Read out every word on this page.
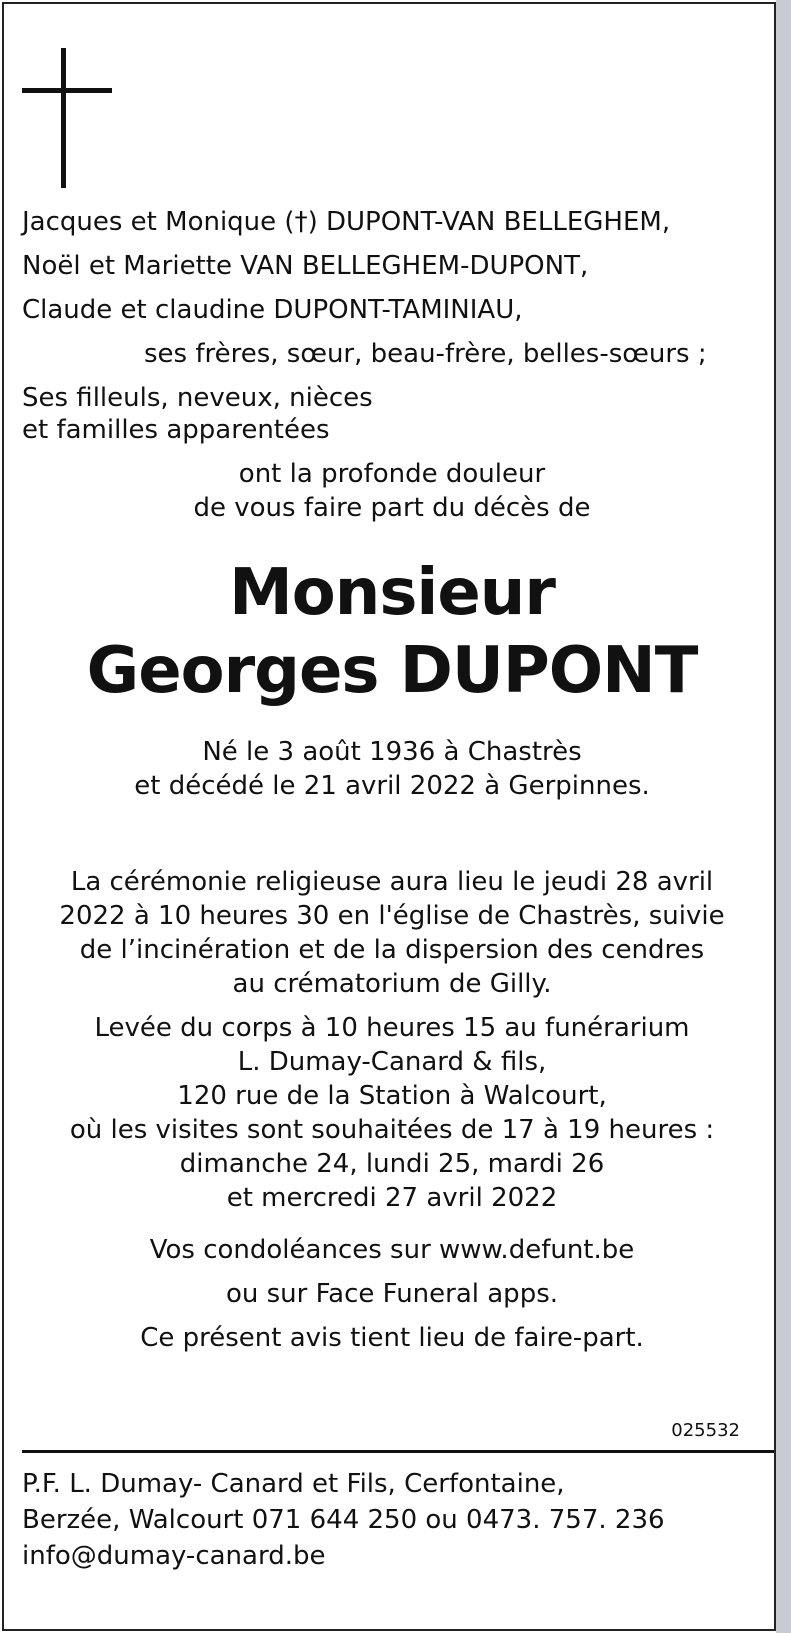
Jacques et Monique (†) DUPONT-VAN BELLEGHEM,
Noël et Mariette VAN BELLEGHEM-DUPONT,
Claude et claudine DUPONT-TAMINIAU,
ses frères, sœur, beau-frère, belles-sœurs ;
Ses filleuls, neveux, nièces
et familles apparentées
ont la profonde douleur
de vous faire part du décès de
Monsieur
Georges DUPONT
Né le 3 août 1936 à Chastrès
et décédé le 21 avril 2022 à Gerpinnes.
La cérémonie religieuse aura lieu le jeudi 28 avril
2022 à 10 heures 30 en l'église de Chastrès, suivie
de l’incinération et de la dispersion des cendres
au crématorium de Gilly.
Levée du corps à 10 heures 15 au funérarium
L. Dumay-Canard & fils,
120 rue de la Station à Walcourt,
où les visites sont souhaitées de 17 à 19 heures :
dimanche 24, lundi 25, mardi 26
et mercredi 27 avril 2022
Vos condoléances sur www.defunt.be
ou sur Face Funeral apps.
Ce présent avis tient lieu de faire-part.
025532
P.F. L. Dumay- Canard et Fils, Cerfontaine,
Berzée, Walcourt 071 644 250 ou 0473. 757. 236
info@dumay-canard.be
